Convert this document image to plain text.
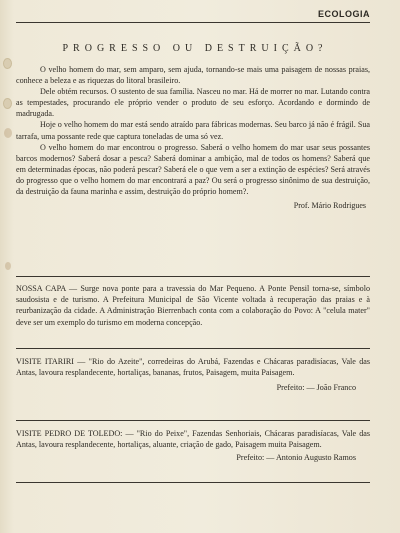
ECOLOGIA
PROGRESSO OU DESTRUIÇÃO?

O velho homem do mar, sem amparo, sem ajuda, tornando-se mais uma paisagem de nossas praias, conhece a beleza e as riquezas do litoral brasileiro.

Dele obtém recursos. O sustento de sua família. Nasceu no mar. Há de morrer no mar. Lutando contra as tempestades, procurando ele próprio vender o produto de seu esforço. Acordando e dormindo de madrugada.

Hoje o velho homem do mar está sendo atraído para fábricas modernas. Seu barco já não é frágil. Sua tarrafa, uma possante rede que captura toneladas de uma só vez.

O velho homem do mar encontrou o progresso. Saberá o velho homem do mar usar seus possantes barcos modernos? Saberá dosar a pesca? Saberá dominar a ambição, mal de todos os homens? Saberá que em determinadas épocas, não poderá pescar? Saberá ele o que vem a ser a extinção de espécies? Será através do progresso que o velho homem do mar encontrará a paz? Ou será o progresso sinônimo de sua destruição, da destruição da fauna marinha e assim, destruição do próprio homem?.

Prof. Mário Rodrigues

NOSSA CAPA — Surge nova ponte para a travessia do Mar Pequeno. A Ponte Pensil torna-se, símbolo saudosista e de turismo. A Prefeitura Municipal de São Vicente voltada à recuperação das praias e à reurbanização da cidade. A Administração Bierrenbach conta com a colaboração do Povo: A "celula mater" deve ser um exemplo do turismo em moderna concepção.

VISITE ITARIRI — "Rio do Azeite", corredeiras do Arubá, Fazendas e Chácaras paradisíacas, Vale das Antas, lavoura resplandecente, hortaliças, bananas, frutos, Paisagem, muita Paisagem.

Prefeito: — João Franco

VISITE PEDRO DE TOLEDO: — "Rio do Peixe", Fazendas Senhoriais, Chácaras paradisíacas, Vale das Antas, lavoura resplandecente, hortaliças, aluante, criação de gado, Paisagem muita Paisagem.

Prefeito: — Antonio Augusto Ramos
